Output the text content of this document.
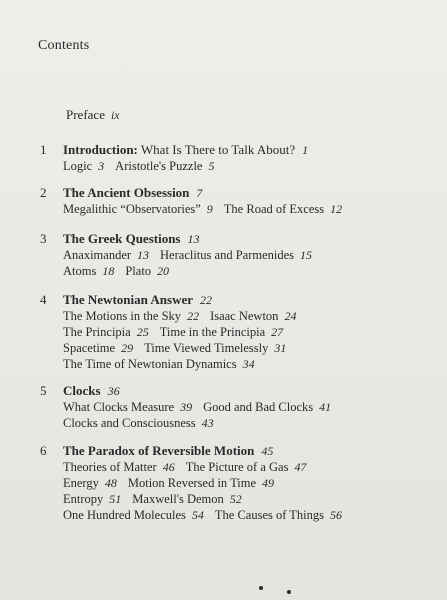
Contents
Preface ix
1 Introduction: What Is There to Talk About? 1
Logic 3 Aristotle's Puzzle 5
2 The Ancient Obsession 7
Megalithic “Observatories” 9 The Road of Excess 12
3 The Greek Questions 13
Anaximander 13 Heraclitus and Parmenides 15
Atoms 18 Plato 20
4 The Newtonian Answer 22
The Motions in the Sky 22 Isaac Newton 24
The Principia 25 Time in the Principia 27
Spacetime 29 Time Viewed Timelessly 31
The Time of Newtonian Dynamics 34
5 Clocks 36
What Clocks Measure 39 Good and Bad Clocks 41
Clocks and Consciousness 43
6 The Paradox of Reversible Motion 45
Theories of Matter 46 The Picture of a Gas 47
Energy 48 Motion Reversed in Time 49
Entropy 51 Maxwell's Demon 52
One Hundred Molecules 54 The Causes of Things 56
